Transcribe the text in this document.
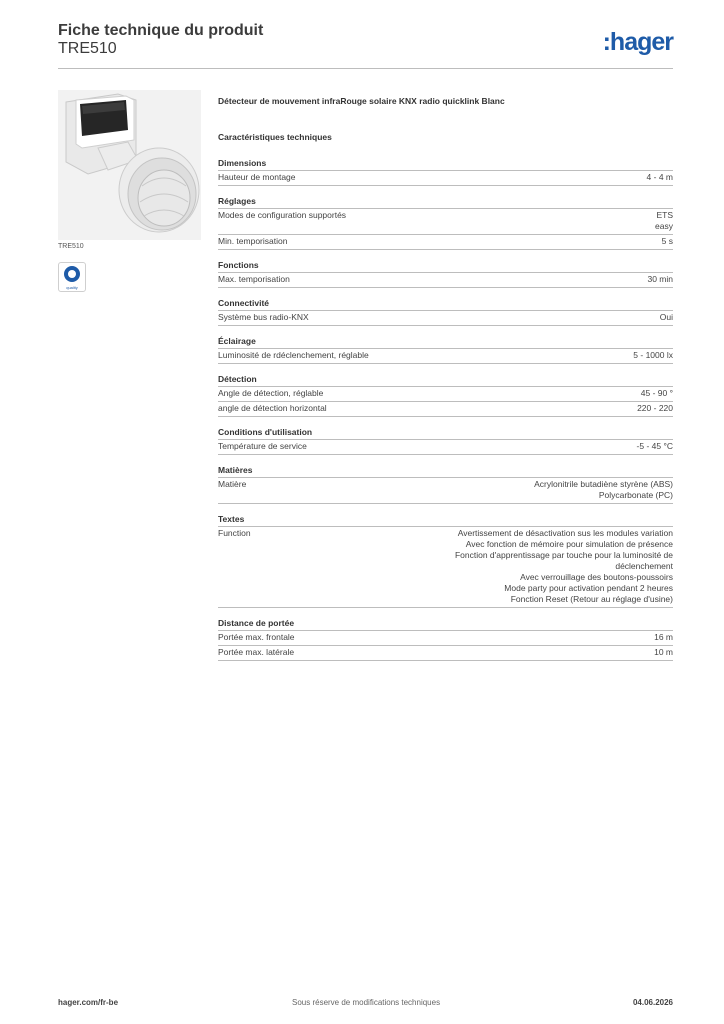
Fiche technique du produit
TRE510	:hager
TRE510
quality
Détecteur de mouvement infraRouge solaire KNX radio quicklink Blanc
Caractéristiques techniques
Dimensions
Hauteur de montage	4 - 4 m
Réglages
Modes de configuration supportés	ETS
easy
Min. temporisation	5 s
Fonctions
Max. temporisation	30 min
Connectivité
Système bus radio-KNX	Oui
Éclairage
Luminosité de rdéclenchement, réglable	5 - 1000 lx
Détection
Angle de détection, réglable	45 - 90 °
angle de détection horizontal	220 - 220
Conditions d'utilisation
Température de service	-5 - 45 °C
Matières
Matière	Acrylonitrile butadiène styrène (ABS)
Polycarbonate (PC)
Textes
Function	Avertissement de désactivation sus les modules variation
Avec fonction de mémoire pour simulation de présence
Fonction d'apprentissage par touche pour la luminosité de
déclenchement
Avec verrouillage des boutons-poussoirs
Mode party pour activation pendant 2 heures
Fonction Reset (Retour au réglage d'usine)
Distance de portée
Portée max. frontale	16 m
Portée max. latérale	10 m
hager.com/fr-be	Sous réserve de modifications techniques	04.06.2026
